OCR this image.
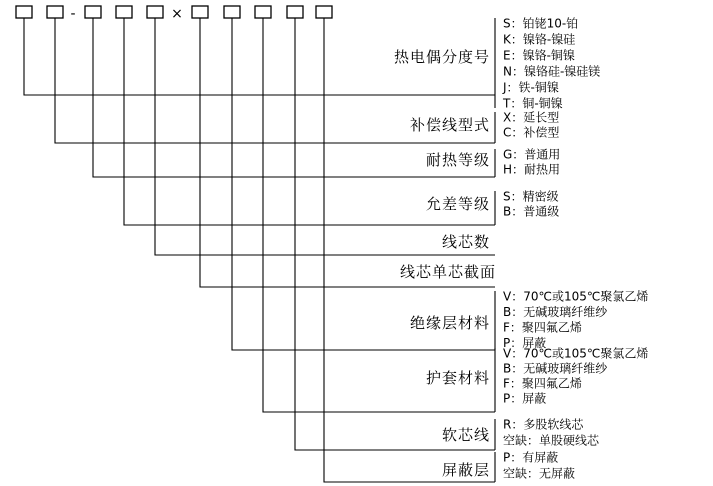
-	×
热电偶分度号
S：铂铑10-铂
K：镍铬-镍硅
E：镍铬-铜镍
N：镍铬硅-镍硅镁
J：铁-铜镍
T：铜-铜镍
补偿线型式 X：延长型
C：补偿型
耐热等级 G：普通用
H：耐热用
允差等级 S：精密级
B：普通级
线芯数
线芯单芯截面
绝缘层材料
V：70℃或105℃聚氯乙烯
B：无碱玻璃纤维纱
F：聚四氟乙烯
P：屏蔽
护套材料
V：70℃或105℃聚氯乙烯
B：无碱玻璃纤维纱
F：聚四氟乙烯
P：屏蔽
软芯线
R：多股软线芯
空缺：单股硬线芯
屏蔽层
P：有屏蔽
空缺：无屏蔽
